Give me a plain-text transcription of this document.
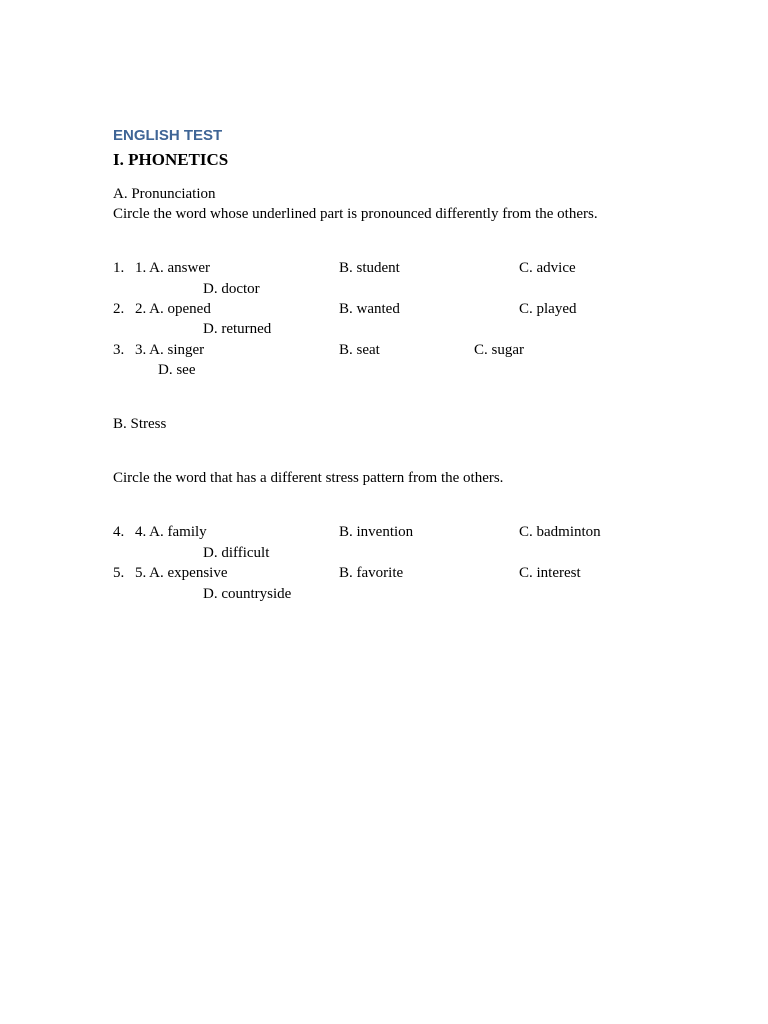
ENGLISH TEST
I. PHONETICS
A. Pronunciation
Circle the word whose underlined part is pronounced differently from the others.
1. 1. A. answer	B. student	C. advice
D. doctor
2. 2. A. opened	B. wanted	C. played
D. returned
3. 3. A. singer	B. seat	C. sugar
D. see
B. Stress
Circle the word that has a different stress pattern from the others.
4. 4. A. family	B. invention	C. badminton
D. difficult
5. 5. A. expensive	B. favorite	C. interest
D. countryside
